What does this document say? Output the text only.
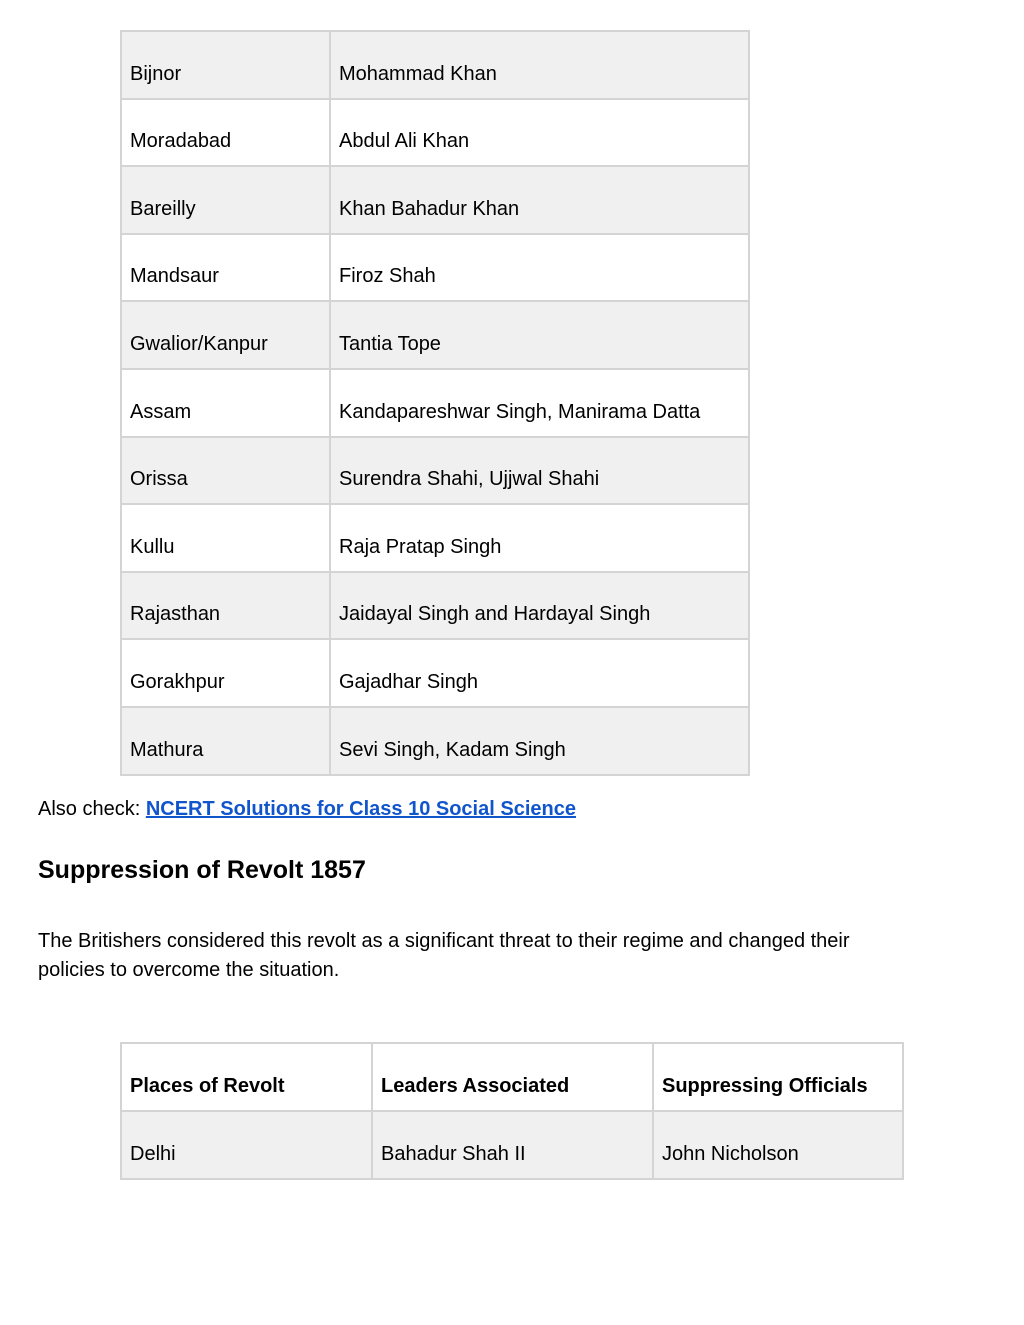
Bijnor	Mohammad Khan
Moradabad	Abdul Ali Khan
Bareilly	Khan Bahadur Khan
Mandsaur	Firoz Shah
Gwalior/Kanpur	Tantia Tope
Assam	Kandapareshwar Singh, Manirama Datta
Orissa	Surendra Shahi, Ujjwal Shahi
Kullu	Raja Pratap Singh
Rajasthan	Jaidayal Singh and Hardayal Singh
Gorakhpur	Gajadhar Singh
Mathura	Sevi Singh, Kadam Singh

Also check: NCERT Solutions for Class 10 Social Science

Suppression of Revolt 1857

The Britishers considered this revolt as a significant threat to their regime and changed their policies to overcome the situation.

Places of Revolt	Leaders Associated	Suppressing Officials
Delhi	Bahadur Shah II	John Nicholson
